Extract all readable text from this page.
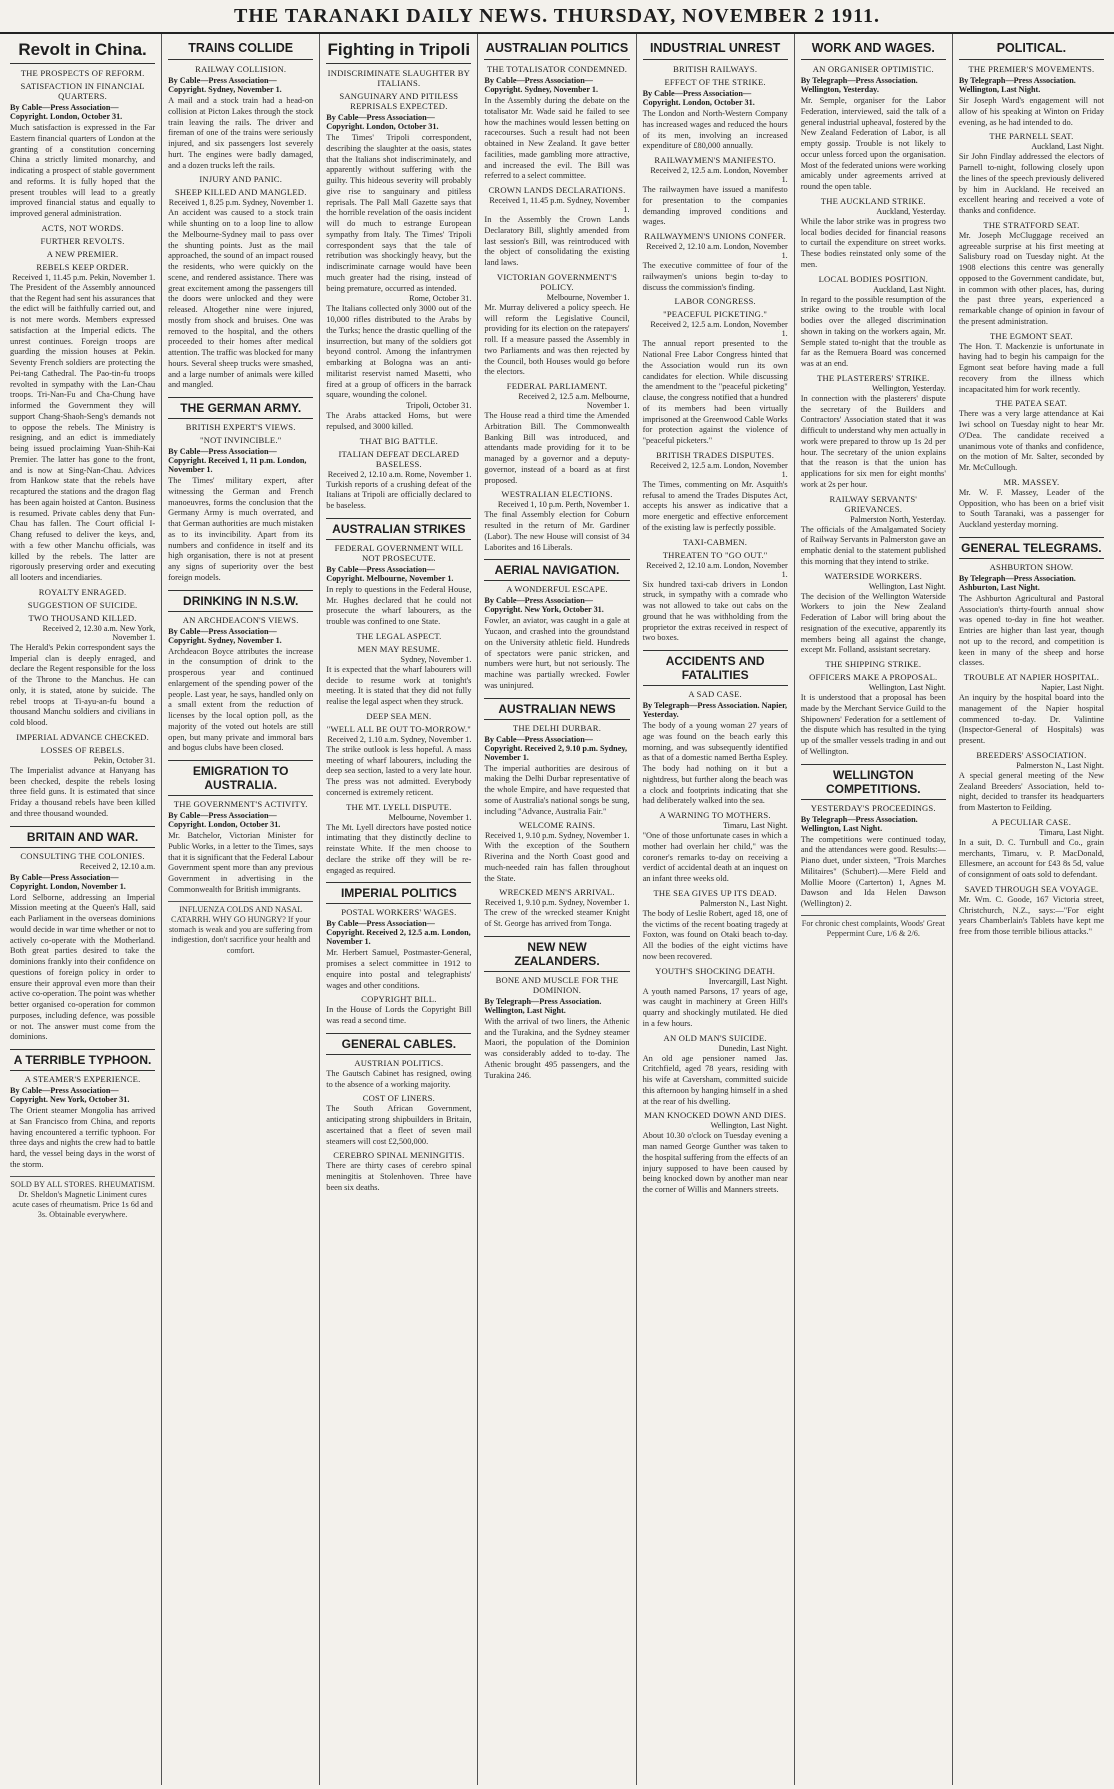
THE TARANAKI DAILY NEWS. THURSDAY, NOVEMBER 2 1911.
Revolt in China.
THE PROSPECTS OF REFORM.
SATISFACTION IN FINANCIAL QUARTERS.
By Cable—Press Association—Copyright. London, October 31.

Much satisfaction is expressed in the Far Eastern financial quarters of London at the granting of a constitution concerning China a strictly limited monarchy, and indicating a prospect of stable government and reforms. It is fully hoped that the present troubles will lead to a greatly improved financial status and equally to improved general administration.

ACTS, NOT WORDS.
FURTHER REVOLTS.
A NEW PREMIER.
REBELS KEEP ORDER.
Received 1, 11.45 p.m. Pekin, November 1.

The President of the Assembly announced that the Regent had sent his assurances that the edict will be faithfully carried out, and is not mere words. Members expressed satisfaction at the Imperial edicts. The unrest continues. Foreign troops are guarding the mission houses at Pekin. Seventy French soldiers are protecting the Pei-tang Cathedral. The Pao-tin-fu troops revolted in sympathy with the Lan-Chau troops. Tri-Nan-Fu and Cha-Chung have informed the Government they will support Chang-Shaoh-Seng's demands not to oppose the rebels. The Ministry is resigning, and an edict is immediately being issued proclaiming Yuan-Shih-Kai Premier. The latter has gone to the front, and is now at Sing-Nan-Chau. Advices from Hankow state that the rebels have recaptured the stations and the dragon flag has been again hoisted at Canton. Business is resumed. Private cables deny that Fun-Chau has fallen. The Court official I-Chang refused to deliver the keys, and, with a few other Manchu officials, was killed by the rebels. The latter are rigorously preserving order and executing all looters and incendiaries.

ROYALTY ENRAGED.
SUGGESTION OF SUICIDE.
TWO THOUSAND KILLED.
Received 2, 12.30 a.m. New York, November 1.

The Herald's Pekin correspondent says the Imperial clan is deeply enraged, and declare the Regent responsible for the loss of the Throne to the Manchus. He can only, it is stated, atone by suicide. The rebel troops at Ti-ayu-an-fu bound a thousand Manchu soldiers and civilians in cold blood.

IMPERIAL ADVANCE CHECKED.
LOSSES OF REBELS.
Pekin, October 31.

The Imperialist advance at Hanyang has been checked, despite the rebels losing three field guns. It is estimated that since Friday a thousand rebels have been killed and three thousand wounded.

BRITAIN AND WAR.
CONSULTING THE COLONIES.
Received 2, 12.10 a.m.
By Cable—Press Association—Copyright. London, November 1.

Lord Selborne, addressing an Imperial Mission meeting at the Queen's Hall, said each Parliament in the overseas dominions would decide in war time whether or not to actively co-operate with the Motherland. Both great parties desired to take the dominions frankly into their confidence on questions of foreign policy in order to ensure their approval even more than their active co-operation. The point was whether better organised co-operation for common purposes, including defence, was possible or not. The answer must come from the dominions.

A TERRIBLE TYPHOON.
A STEAMER'S EXPERIENCE.
By Cable—Press Association—Copyright. New York, October 31.

The Orient steamer Mongolia has arrived at San Francisco from China, and reports having encountered a terrific typhoon. For three days and nights the crew had to battle hard, the vessel being days in the worst of the storm.

SOLD BY ALL STORES. RHEUMATISM. Dr. Sheldon's Magnetic Liniment cures acute cases of rheumatism. Price 1s 6d and 3s. Obtainable everywhere.
TRAINS COLLIDE
RAILWAY COLLISION.
By Cable—Press Association—Copyright. Sydney, November 1.

A mail and a stock train had a head-on collision at Picton Lakes through the stock train leaving the rails. The driver and fireman of one of the trains were seriously injured, and six passengers lost severely hurt. The engines were badly damaged, and a dozen trucks left the rails.

INJURY AND PANIC.
SHEEP KILLED AND MANGLED.
Received 1, 8.25 p.m. Sydney, November 1.

An accident was caused to a stock train while shunting on to a loop line to allow the Melbourne-Sydney mail to pass over the shunting points. Just as the mail approached, the sound of an impact roused the residents, who were quickly on the scene, and rendered assistance. There was great excitement among the passengers till the doors were unlocked and they were released. Altogether nine were injured, mostly from shock and bruises. One was removed to the hospital, and the others proceeded to their homes after medical attention. The traffic was blocked for many hours. Several sheep trucks were smashed, and a large number of animals were killed and mangled.

THE GERMAN ARMY.
BRITISH EXPERT'S VIEWS.
"NOT INVINCIBLE."
By Cable—Press Association—Copyright. Received 1, 11 p.m. London, November 1.

The Times' military expert, after witnessing the German and French manoeuvres, forms the conclusion that the Germany Army is much overrated, and that German authorities are much mistaken as to its invincibility. Apart from its numbers and confidence in itself and its high organisation, there is not at present any signs of superiority over the best foreign models.

DRINKING IN N.S.W.
AN ARCHDEACON'S VIEWS.
By Cable—Press Association—Copyright. Sydney, November 1.

Archdeacon Boyce attributes the increase in the consumption of drink to the prosperous year and continued enlargement of the spending power of the people. Last year, he says, handled only on a small extent from the reduction of licenses by the local option poll, as the majority of the voted out hotels are still open, but many private and immoral bars and bogus clubs have been closed.

EMIGRATION TO AUSTRALIA.
THE GOVERNMENT'S ACTIVITY.
By Cable—Press Association—Copyright. London, October 31.

Mr. Batchelor, Victorian Minister for Public Works, in a letter to the Times, says that it is significant that the Federal Labour Government spent more than any previous Government in advertising in the Commonwealth for British immigrants.

INFLUENZA COLDS AND NASAL CATARRH. WHY GO HUNGRY? If your stomach is weak and you are suffering from indigestion, don't sacrifice your health and comfort.
Fighting in Tripoli
INDISCRIMINATE SLAUGHTER BY ITALIANS.
SANGUINARY AND PITILESS REPRISALS EXPECTED.
By Cable—Press Association—Copyright. London, October 31.

The Times' Tripoli correspondent, describing the slaughter at the oasis, states that the Italians shot indiscriminately, and apparently without suffering with the guilty. This hideous severity will probably give rise to sanguinary and pitiless reprisals. The Pall Mall Gazette says that the horrible revelation of the oasis incident will do much to estrange European sympathy from Italy. The Times' Tripoli correspondent says that the tale of retribution was shockingly heavy, but the indiscriminate carnage would have been much greater had the rising, instead of being premature, occurred as intended.

Rome, October 31.

The Italians collected only 3000 out of the 10,000 rifles distributed to the Arabs by the Turks; hence the drastic quelling of the insurrection, but many of the soldiers got beyond control. Among the infantrymen embarking at Bologna was an anti-militarist reservist named Masetti, who fired at a group of officers in the barrack square, wounding the colonel.

Tripoli, October 31.

The Arabs attacked Homs, but were repulsed, and 3000 killed.

THAT BIG BATTLE.
ITALIAN DEFEAT DECLARED BASELESS.
Received 2, 12.10 a.m. Rome, November 1.

Turkish reports of a crushing defeat of the Italians at Tripoli are officially declared to be baseless.

AUSTRALIAN STRIKES
FEDERAL GOVERNMENT WILL NOT PROSECUTE.
By Cable—Press Association—Copyright. Melbourne, November 1.

In reply to questions in the Federal House, Mr. Hughes declared that he could not prosecute the wharf labourers, as the trouble was confined to one State.

THE LEGAL ASPECT.
MEN MAY RESUME.
Sydney, November 1.

It is expected that the wharf labourers will decide to resume work at tonight's meeting. It is stated that they did not fully realise the legal aspect when they struck.

DEEP SEA MEN.
"WELL ALL BE OUT TO-MORROW."
Received 2, 1.10 a.m. Sydney, November 1.

The strike outlook is less hopeful. A mass meeting of wharf labourers, including the deep sea section, lasted to a very late hour. The press was not admitted. Everybody concerned is extremely reticent.

THE MT. LYELL DISPUTE.
Melbourne, November 1.

The Mt. Lyell directors have posted notice intimating that they distinctly decline to reinstate White. If the men choose to declare the strike off they will be re-engaged as required.

IMPERIAL POLITICS
POSTAL WORKERS' WAGES.
By Cable—Press Association—Copyright. Received 2, 12.5 a.m. London, November 1.

Mr. Herbert Samuel, Postmaster-General, promises a select committee in 1912 to enquire into postal and telegraphists' wages and other conditions.

COPYRIGHT BILL.

In the House of Lords the Copyright Bill was read a second time.

GENERAL CABLES.
AUSTRIAN POLITICS.

The Gautsch Cabinet has resigned, owing to the absence of a working majority.

COST OF LINERS.

The South African Government, anticipating strong shipbuilders in Britain, ascertained that a fleet of seven mail steamers will cost £2,500,000.

CEREBRO SPINAL MENINGITIS.

There are thirty cases of cerebro spinal meningitis at Stolenhoven. Three have been six deaths.

AUSTRALIAN POLITICS
THE TOTALISATOR CONDEMNED.
By Cable—Press Association—Copyright. Sydney, November 1.

In the Assembly during the debate on the totalisator Mr. Wade said he failed to see how the machines would lessen betting on racecourses. Such a result had not been obtained in New Zealand. It gave better facilities, made gambling more attractive, and increased the evil. The Bill was referred to a select committee.

CROWN LANDS DECLARATIONS.
Received 1, 11.45 p.m. Sydney, November 1.

In the Assembly the Crown Lands Declaratory Bill, slightly amended from last session's Bill, was reintroduced with the object of consolidating the existing land laws.

VICTORIAN GOVERNMENT'S POLICY.
Melbourne, November 1.

Mr. Murray delivered a policy speech. He will reform the Legislative Council, providing for its election on the ratepayers' roll. If a measure passed the Assembly in two Parliaments and was then rejected by the Council, both Houses would go before the electors.

FEDERAL PARLIAMENT.
Received 2, 12.5 a.m. Melbourne, November 1.

The House read a third time the Amended Arbitration Bill. The Commonwealth Banking Bill was introduced, and attendants made providing for it to be managed by a governor and a deputy-governor, instead of a board as at first proposed.

WESTRALIAN ELECTIONS.
Received 1, 10 p.m. Perth, November 1.

The final Assembly election for Coburn resulted in the return of Mr. Gardiner (Labor). The new House will consist of 34 Laborites and 16 Liberals.

AERIAL NAVIGATION.
A WONDERFUL ESCAPE.
By Cable—Press Association—Copyright. New York, October 31.

Fowler, an aviator, was caught in a gale at Yucaon, and crashed into the groundstand on the University athletic field. Hundreds of spectators were panic stricken, and numbers were hurt, but not seriously. The machine was partially wrecked. Fowler was uninjured.

AUSTRALIAN NEWS
THE DELHI DURBAR.
By Cable—Press Association—Copyright. Received 2, 9.10 p.m. Sydney, November 1.

The imperial authorities are desirous of making the Delhi Durbar representative of the whole Empire, and have requested that some of Australia's national songs be sung, including "Advance, Australia Fair."

WELCOME RAINS.
Received 1, 9.10 p.m. Sydney, November 1.

With the exception of the Southern Riverina and the North Coast good and much-needed rain has fallen throughout the State.

WRECKED MEN'S ARRIVAL.
Received 1, 9.10 p.m. Sydney, November 1.

The crew of the wrecked steamer Knight of St. George has arrived from Tonga.

NEW NEW ZEALANDERS.
BONE AND MUSCLE FOR THE DOMINION.
By Telegraph—Press Association. Wellington, Last Night.

With the arrival of two liners, the Athenic and the Turakina, and the Sydney steamer Maori, the population of the Dominion was considerably added to to-day. The Athenic brought 495 passengers, and the Turakina 246.

INDUSTRIAL UNREST
BRITISH RAILWAYS.
EFFECT OF THE STRIKE.
By Cable—Press Association—Copyright. London, October 31.

The London and North-Western Company has increased wages and reduced the hours of its men, involving an increased expenditure of £80,000 annually.

RAILWAYMEN'S MANIFESTO.
Received 2, 12.5 a.m. London, November 1.

The railwaymen have issued a manifesto for presentation to the companies demanding improved conditions and wages.

RAILWAYMEN'S UNIONS CONFER.
Received 2, 12.10 a.m. London, November 1.

The executive committee of four of the railwaymen's unions begin to-day to discuss the commission's finding.

LABOR CONGRESS.
"PEACEFUL PICKETING."
Received 2, 12.5 a.m. London, November 1.

The annual report presented to the National Free Labor Congress hinted that the Association would run its own candidates for election. While discussing the amendment to the "peaceful picketing" clause, the congress notified that a hundred of its members had been virtually imprisoned at the Greenwood Cable Works for protection against the violence of "peaceful picketers."

BRITISH TRADES DISPUTES.
Received 2, 12.5 a.m. London, November 1.

The Times, commenting on Mr. Asquith's refusal to amend the Trades Disputes Act, accepts his answer as indicative that a more energetic and effective enforcement of the existing law is perfectly possible.

TAXI-CABMEN.
THREATEN TO "GO OUT."
Received 2, 12.10 a.m. London, November 1.

Six hundred taxi-cab drivers in London struck, in sympathy with a comrade who was not allowed to take out cabs on the ground that he was withholding from the proprietor the extras received in respect of two boxes.

ACCIDENTS AND FATALITIES
A SAD CASE.
By Telegraph—Press Association. Napier, Yesterday.

The body of a young woman 27 years of age was found on the beach early this morning, and was subsequently identified as that of a domestic named Bertha Espley. The body had nothing on it but a nightdress, but further along the beach was a clock and footprints indicating that she had deliberately walked into the sea.

A WARNING TO MOTHERS.
Timaru, Last Night.

"One of those unfortunate cases in which a mother had overlain her child," was the coroner's remarks to-day on receiving a verdict of accidental death at an inquest on an infant three weeks old.

THE SEA GIVES UP ITS DEAD.
Palmerston N., Last Night.

The body of Leslie Robert, aged 18, one of the victims of the recent boating tragedy at Foxton, was found on Otaki beach to-day. All the bodies of the eight victims have now been recovered.

YOUTH'S SHOCKING DEATH.
Invercargill, Last Night.

A youth named Parsons, 17 years of age, was caught in machinery at Green Hill's quarry and shockingly mutilated. He died in a few hours.

AN OLD MAN'S SUICIDE.
Dunedin, Last Night.

An old age pensioner named Jas. Critchfield, aged 78 years, residing with his wife at Caversham, committed suicide this afternoon by hanging himself in a shed at the rear of his dwelling.

MAN KNOCKED DOWN AND DIES.
Wellington, Last Night.

About 10.30 o'clock on Tuesday evening a man named George Gunther was taken to the hospital suffering from the effects of an injury supposed to have been caused by being knocked down by another man near the corner of Willis and Manners streets.

WORK AND WAGES.
AN ORGANISER OPTIMISTIC.
By Telegraph—Press Association. Wellington, Yesterday.

Mr. Semple, organiser for the Labor Federation, interviewed, said the talk of a general industrial upheaval, fostered by the New Zealand Federation of Labor, is all empty gossip. Trouble is not likely to occur unless forced upon the organisation. Most of the federated unions were working amicably under agreements arrived at round the open table.

THE AUCKLAND STRIKE.
Auckland, Yesterday.

While the labor strike was in progress two local bodies decided for financial reasons to curtail the expenditure on street works. These bodies reinstated only some of the men.

LOCAL BODIES POSITION.
Auckland, Last Night.

In regard to the possible resumption of the strike owing to the trouble with local bodies over the alleged discrimination shown in taking on the workers again, Mr. Semple stated to-night that the trouble as far as the Remuera Board was concerned was at an end.

THE PLASTERERS' STRIKE.
Wellington, Yesterday.

In connection with the plasterers' dispute the secretary of the Builders and Contractors' Association stated that it was difficult to understand why men actually in work were prepared to throw up 1s 2d per hour. The secretary of the union explains that the reason is that the union has applications for six men for eight months' work at 2s per hour.

RAILWAY SERVANTS' GRIEVANCES.
Palmerston North, Yesterday.

The officials of the Amalgamated Society of Railway Servants in Palmerston gave an emphatic denial to the statement published this morning that they intend to strike.

WATERSIDE WORKERS.
Wellington, Last Night.

The decision of the Wellington Waterside Workers to join the New Zealand Federation of Labor will bring about the resignation of the executive, apparently its members being all against the change, except Mr. Folland, assistant secretary.

THE SHIPPING STRIKE.
OFFICERS MAKE A PROPOSAL.
Wellington, Last Night.

It is understood that a proposal has been made by the Merchant Service Guild to the Shipowners' Federation for a settlement of the dispute which has resulted in the tying up of the smaller vessels trading in and out of Wellington.

WELLINGTON COMPETITIONS.
YESTERDAY'S PROCEEDINGS.
By Telegraph—Press Association. Wellington, Last Night.

The competitions were continued today, and the attendances were good. Results:— Piano duet, under sixteen, "Trois Marches Militaires" (Schubert).—Mere Field and Mollie Moore (Carterton) 1, Agnes M. Dawson and Ida Helen Dawson (Wellington) 2.

For chronic chest complaints, Woods' Great Peppermint Cure, 1/6 & 2/6.
POLITICAL.
THE PREMIER'S MOVEMENTS.
By Telegraph—Press Association. Wellington, Last Night.

Sir Joseph Ward's engagement will not allow of his speaking at Winton on Friday evening, as he had intended to do.

THE PARNELL SEAT.
Auckland, Last Night.

Sir John Findlay addressed the electors of Parnell to-night, following closely upon the lines of the speech previously delivered by him in Auckland. He received an excellent hearing and received a vote of thanks and confidence.

THE STRATFORD SEAT.

Mr. Joseph McCluggage received an agreeable surprise at his first meeting at Salisbury road on Tuesday night. At the 1908 elections this centre was generally opposed to the Government candidate, but, in common with other places, has, during the past three years, experienced a remarkable change of opinion in favour of the present administration.

THE EGMONT SEAT.

The Hon. T. Mackenzie is unfortunate in having had to begin his campaign for the Egmont seat before having made a full recovery from the illness which incapacitated him for work recently.

THE PATEA SEAT.

There was a very large attendance at Kai Iwi school on Tuesday night to hear Mr. O'Dea. The candidate received a unanimous vote of thanks and confidence, on the motion of Mr. Salter, seconded by Mr. McCullough.

MR. MASSEY.

Mr. W. F. Massey, Leader of the Opposition, who has been on a brief visit to South Taranaki, was a passenger for Auckland yesterday morning.

GENERAL TELEGRAMS.
ASHBURTON SHOW.
By Telegraph—Press Association. Ashburton, Last Night.

The Ashburton Agricultural and Pastoral Association's thirty-fourth annual show was opened to-day in fine hot weather. Entries are higher than last year, though not up to the record, and competition is keen in many of the sheep and horse classes.

TROUBLE AT NAPIER HOSPITAL.
Napier, Last Night.

An inquiry by the hospital board into the management of the Napier hospital commenced to-day. Dr. Valintine (Inspector-General of Hospitals) was present.

BREEDERS' ASSOCIATION.
Palmerston N., Last Night.

A special general meeting of the New Zealand Breeders' Association, held to-night, decided to transfer its headquarters from Masterton to Feilding.

A PECULIAR CASE.
Timaru, Last Night.

In a suit, D. C. Turnbull and Co., grain merchants, Timaru, v. P. MacDonald, Ellesmere, an account for £43 8s 5d, value of consignment of oats sold to defendant.

SAVED THROUGH SEA VOYAGE.

Mr. Wm. C. Goode, 167 Victoria street, Christchurch, N.Z., says:—"For eight years Chamberlain's Tablets have kept me free from those terrible bilious attacks."
